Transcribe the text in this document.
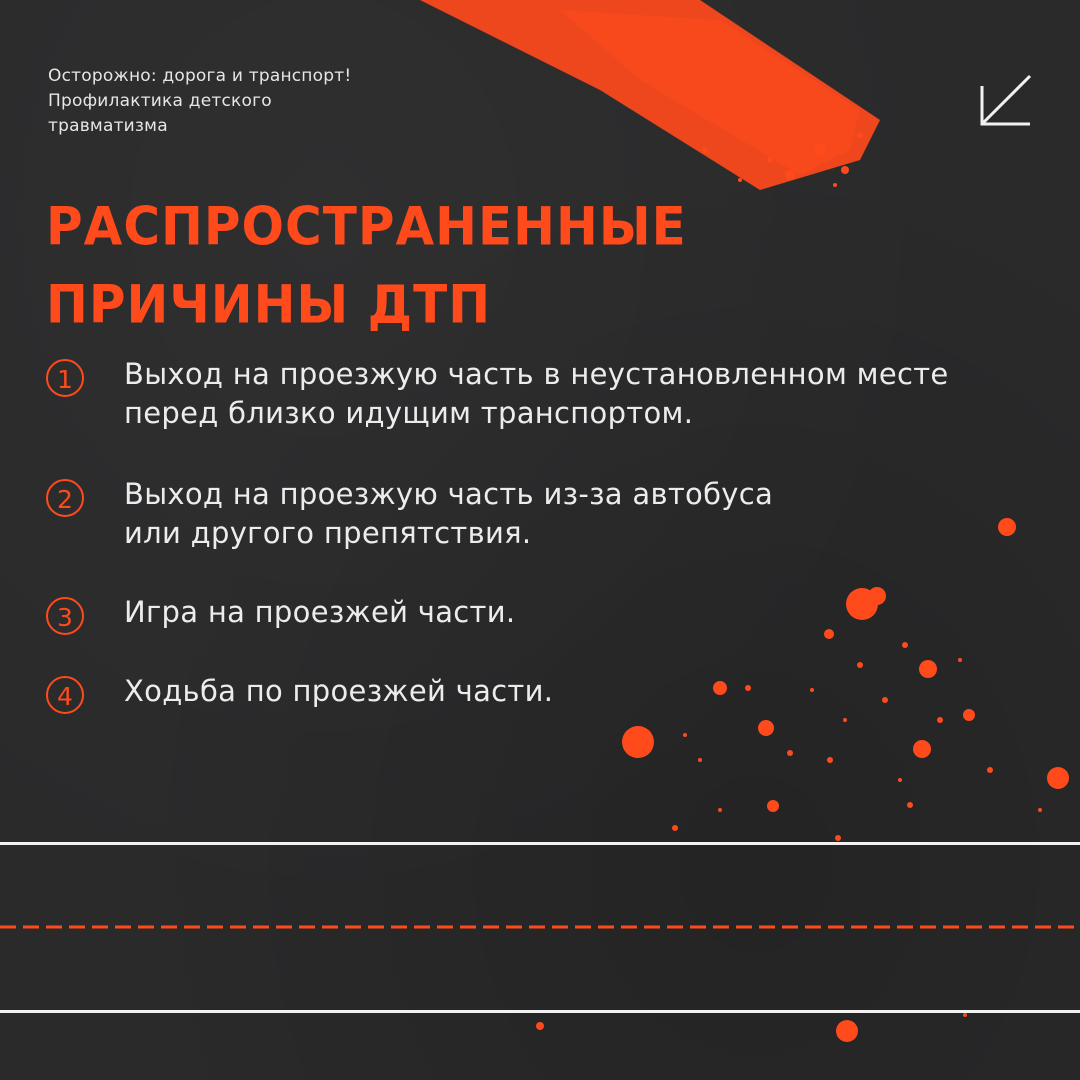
Осторожно: дорога и транспорт!
Профилактика детского
травматизма
РАСПРОСТРАНЕННЫЕ
ПРИЧИНЫ ДТП
1	Выход на проезжую часть в неустановленном месте
перед близко идущим транспортом.
2	Выход на проезжую часть из-за автобуса
или другого препятствия.
3	Игра на проезжей части.
4	Ходьба по проезжей части.
